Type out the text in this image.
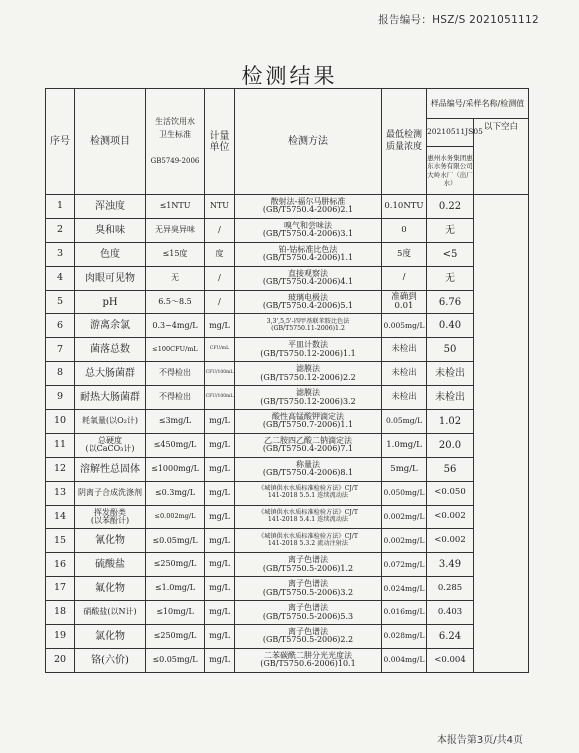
报告编号：HSZ/S 2021051112
检测结果
序号	检测项目	生活饮用水
卫生标准
GB5749-2006	计量单位	检测方法	最低检测质量浓度	样品编号/采样名称/检测值	
						20210511JS05	以下空白
						惠州水务集团惠东水务有限公司大岭水厂（出厂水）	
1	浑浊度	≤1NTU	NTU	散射法-福尔马肼标准
(GB/T5750.4-2006)2.1	0.10NTU	0.22	
2	臭和味	无异臭异味	/	嗅气和尝味法
(GB/T5750.4-2006)3.1	0	无	
3	色度	≤15度	度	铂-钴标准比色法
(GB/T5750.4-2006)1.1	5度	<5	
4	肉眼可见物	无	/	直接观察法
(GB/T5750.4-2006)4.1	/	无	
5	pH	6.5～8.5	/	玻璃电极法
(GB/T5750.4-2006)5.1	准确到0.01	6.76	
6	游离余氯	0.3~4mg/L	mg/L	3,3',5,5'-四甲基联苯胺比色法
(GB/T5750.11-2006)1.2	0.005mg/L	0.40	
7	菌落总数	≤100CFU/mL	CFU/mL	平皿计数法
(GB/T5750.12-2006)1.1	未检出	50	
8	总大肠菌群	不得检出	CFU/100mL	滤膜法
(GB/T5750.12-2006)2.2	未检出	未检出	
9	耐热大肠菌群	不得检出	CFU/100mL	滤膜法
(GB/T5750.12-2006)3.2	未检出	未检出	
10	耗氧量(以O₂计)	≤3mg/L	mg/L	酸性高锰酸钾滴定法
(GB/T5750.7-2006)1.1	0.05mg/L	1.02	
11	总硬度
(以CaCO₃计)	≤450mg/L	mg/L	乙二胺四乙酸二钠滴定法
(GB/T5750.4-2006)7.1	1.0mg/L	20.0	
12	溶解性总固体	≤1000mg/L	mg/L	称量法
(GB/T5750.4-2006)8.1	5mg/L	56	
13	阴离子合成洗涤剂	≤0.3mg/L	mg/L	《城镇供水水质标准检验方法》CJ/T
141-2018 5.5.1 连续流动法	0.050mg/L	<0.050	
14	挥发酚类
(以苯酚计)	≤0.002mg/L	mg/L	《城镇供水水质标准检验方法》CJ/T
141-2018 5.4.1 连续流动法	0.002mg/L	<0.002	
15	氰化物	≤0.05mg/L	mg/L	《城镇供水水质标准检验方法》CJ/T
141-2018 5.3.2 流动注射法	0.002mg/L	<0.002	
16	硫酸盐	≤250mg/L	mg/L	离子色谱法
(GB/T5750.5-2006)1.2	0.072mg/L	3.49	
17	氟化物	≤1.0mg/L	mg/L	离子色谱法
(GB/T5750.5-2006)3.2	0.024mg/L	0.285	
18	硝酸盐(以N计)	≤10mg/L	mg/L	离子色谱法
(GB/T5750.5-2006)5.3	0.016mg/L	0.403	
19	氯化物	≤250mg/L	mg/L	离子色谱法
(GB/T5750.5-2006)2.2	0.028mg/L	6.24	
20	铬(六价)	≤0.05mg/L	mg/L	二苯碳酰二肼分光光度法
(GB/T5750.6-2006)10.1	0.004mg/L	<0.004	
本报告第3页/共4页
